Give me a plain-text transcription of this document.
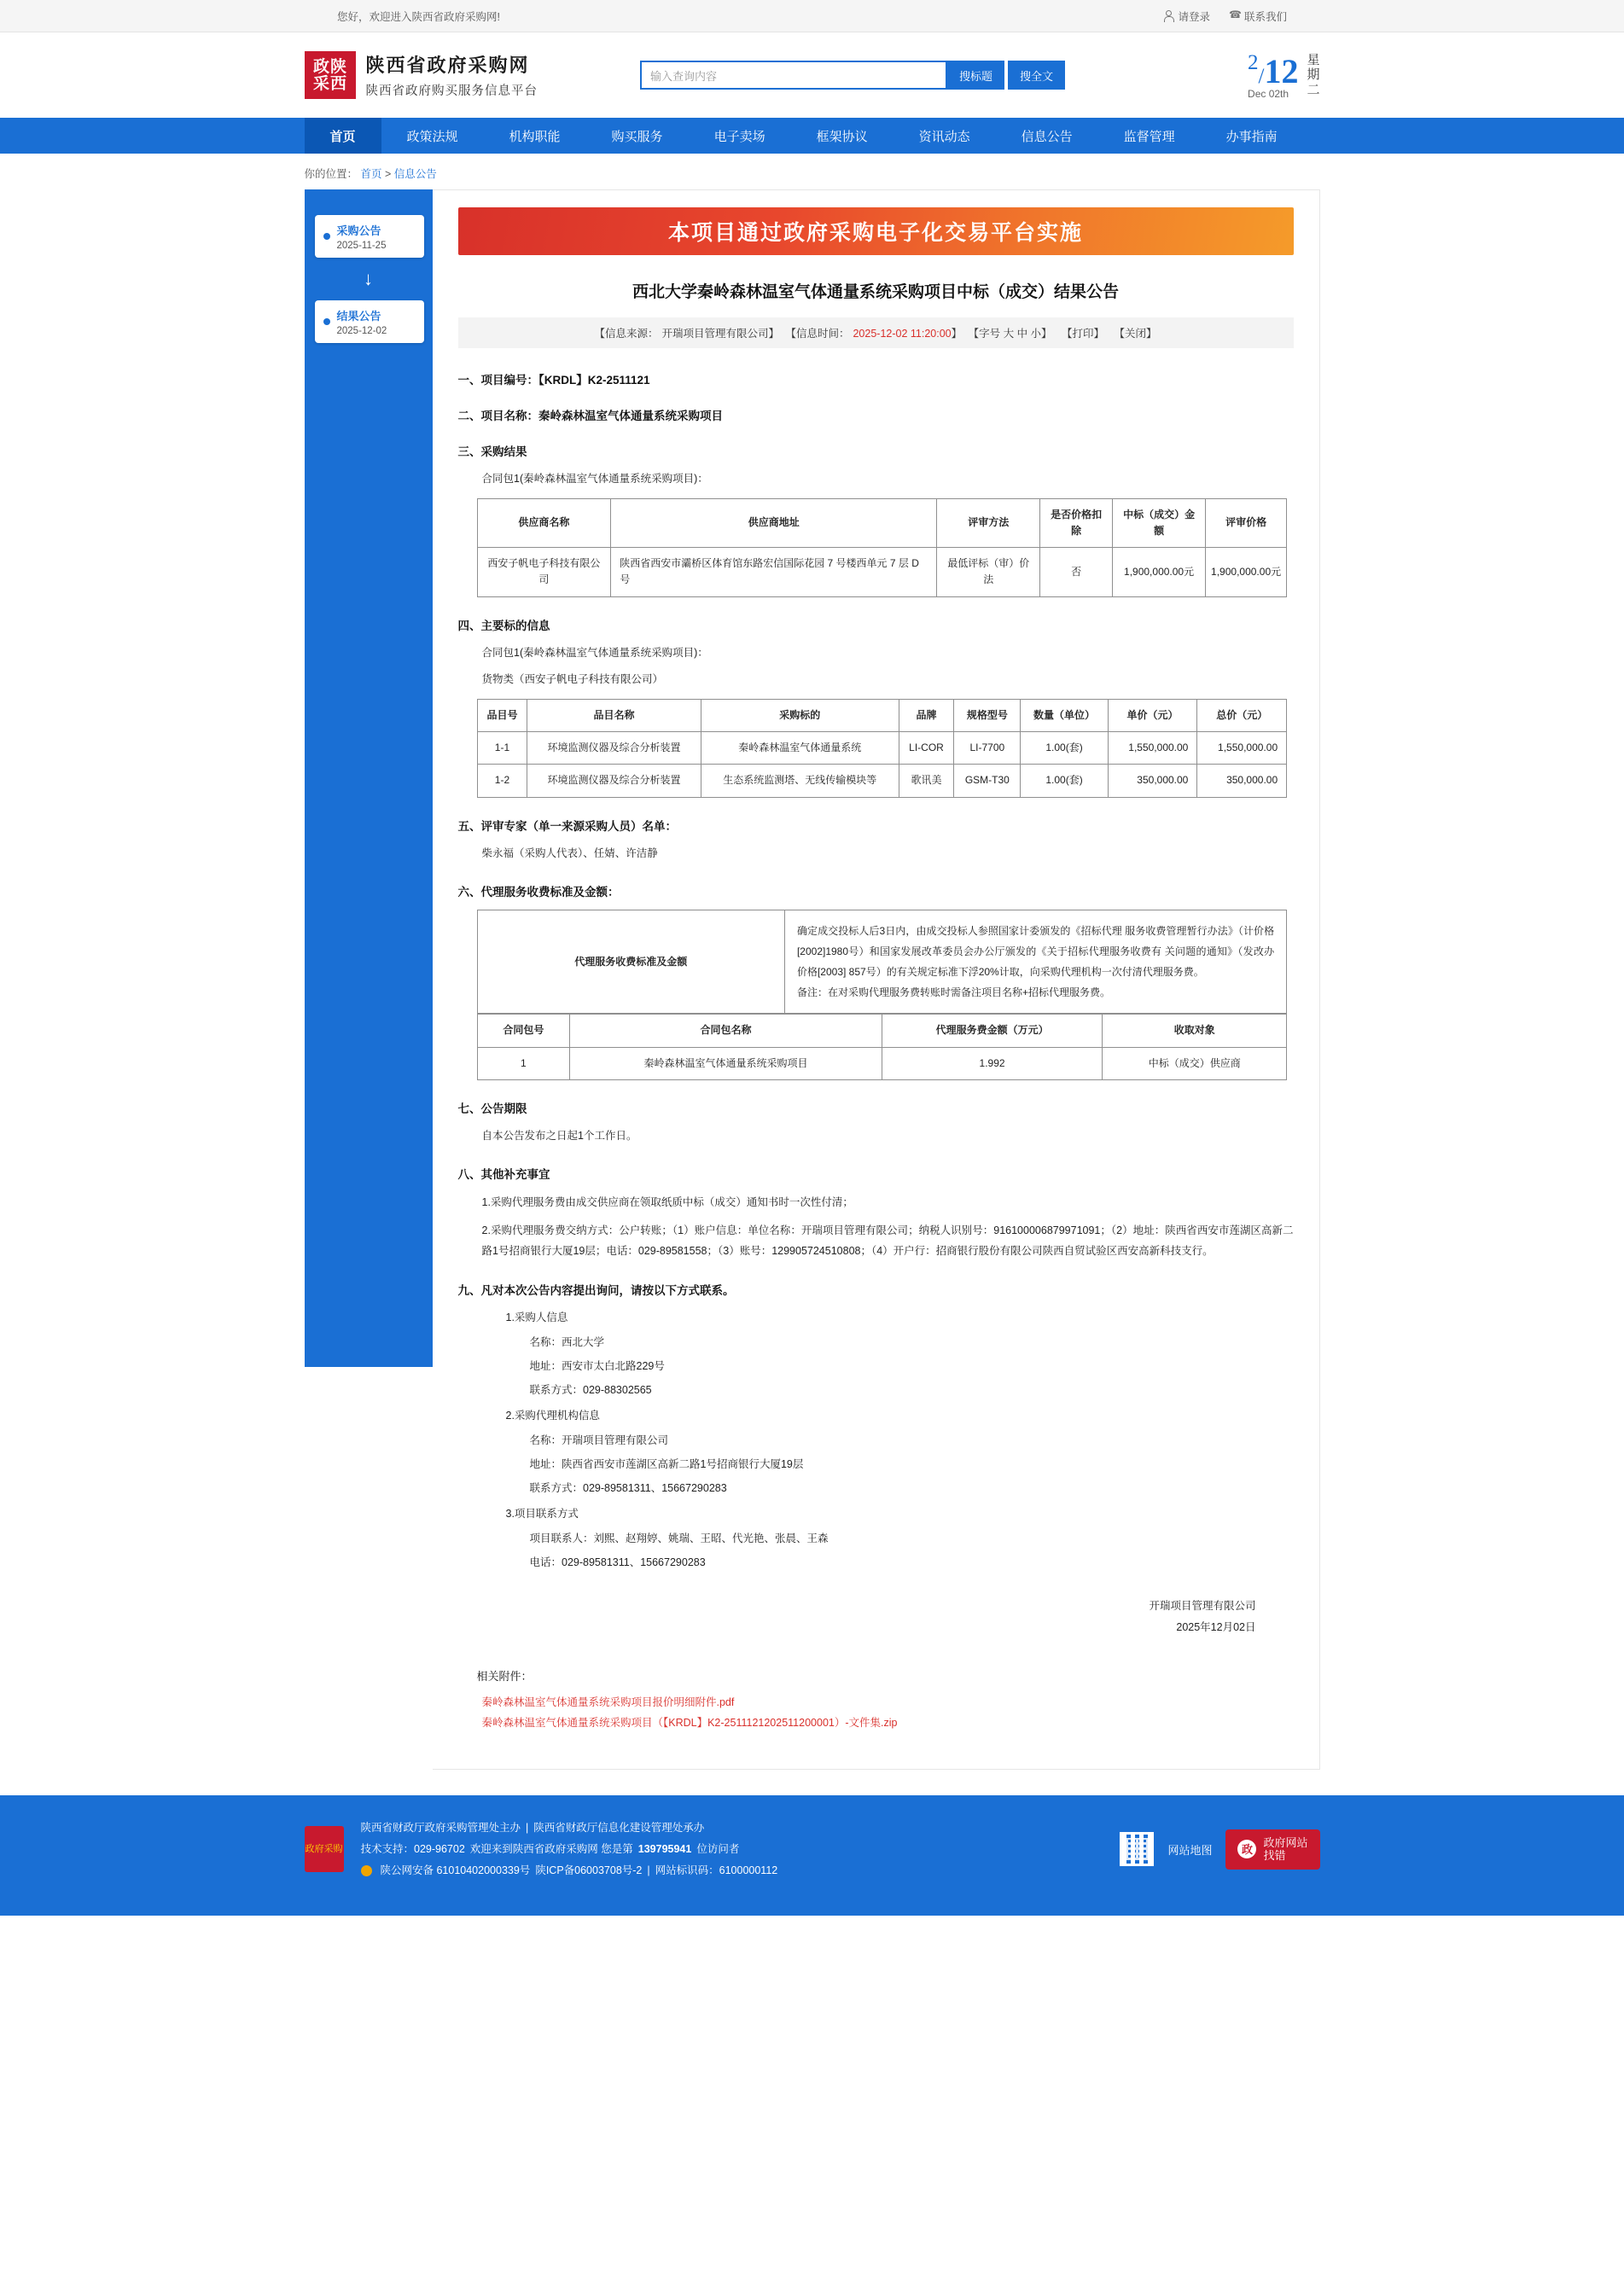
您好，欢迎进入陕西省政府采购网!	请登录 ☎	联系我们
政 陕
采 西
陕西省政府采购网
陕西省政府购买服务信息平台
输入查询内容	搜标题	搜全文
2/12
Dec 02th
星
期
二
首页	政策法规	机构职能	购买服务	电子卖场	框架协议	资讯动态	信息公告	监督管理	办事指南
你的位置： 首页 > 信息公告
采购公告
2025-11-25
↓
结果公告
2025-12-02
本项目通过政府采购电子化交易平台实施
西北大学秦岭森林温室气体通量系统采购项目中标（成交）结果公告
【信息来源： 开瑞项目管理有限公司】 【信息时间： 2025-12-02 11:20:00】 【字号 大 中 小】 【打印】 【关闭】
一、项目编号：【KRDL】K2-2511121
二、项目名称：秦岭森林温室气体通量系统采购项目
三、采购结果

合同包1(秦岭森林温室气体通量系统采购项目)：

供应商名称	供应商地址	评审方法	是否价格扣除	中标（成交）金额	评审价格
西安子帆电子科技有限公司	陕西省西安市灞桥区体育馆东路宏信国际花园 7 号楼西单元 7 层 D 号	最低评标（审）价法	否	1,900,000.00元	1,900,000.00元
四、主要标的信息

合同包1(秦岭森林温室气体通量系统采购项目)：

货物类（西安子帆电子科技有限公司）

品目号	品目名称	采购标的	品牌	规格型号	数量（单位）	单价（元）	总价（元）
1-1	环境监测仪器及综合分析装置	秦岭森林温室气体通量系统	LI-COR	LI-7700	1.00(套)	1,550,000.00	1,550,000.00
1-2	环境监测仪器及综合分析装置	生态系统监测塔、无线传输模块等	歌讯美	GSM-T30	1.00(套)	350,000.00	350,000.00
五、评审专家（单一来源采购人员）名单：

柴永福（采购人代表）、任婧、许洁静

六、代理服务收费标准及金额：
代理服务收费标准及金额	
确定成交投标人后3日内，由成交投标人参照国家计委颁发的《招标代理 服务收费管理暂行办法》（计价格[2002]1980号）和国家发展改革委员会办公厅颁发的《关于招标代理服务收费有 关问题的通知》（发改办价格[2003] 857号）的有关规定标准下浮20%计取，向采购代理机构一次付清代理服务费。
备注：在对采购代理服务费转账时需备注项目名称+招标代理服务费。
合同包号	合同包名称	代理服务费金额（万元）	收取对象
1	秦岭森林温室气体通量系统采购项目	1.992	中标（成交）供应商
七、公告期限

自本公告发布之日起1个工作日。

八、其他补充事宜

1.采购代理服务费由成交供应商在领取纸质中标（成交）通知书时一次性付清；

2.采购代理服务费交纳方式：公户转账；（1）账户信息：单位名称：开瑞项目管理有限公司；纳税人识别号：916100006879971091；（2）地址：陕西省西安市莲湖区高新二路1号招商银行大厦19层；电话：029-89581558；（3）账号：129905724510808；（4）开户行：招商银行股份有限公司陕西自贸试验区西安高新科技支行。

九、凡对本次公告内容提出询问，请按以下方式联系。

1.采购人信息

名称：西北大学

地址：西安市太白北路229号

联系方式：029-88302565

2.采购代理机构信息

名称：开瑞项目管理有限公司

地址：陕西省西安市莲湖区高新二路1号招商银行大厦19层

联系方式：029-89581311、15667290283

3.项目联系方式

项目联系人：刘熙、赵翔婷、姚瑞、王昭、代光艳、张晨、王森

电话：029-89581311、15667290283

开瑞项目管理有限公司
2025年12月02日
相关附件：
秦岭森林温室气体通量系统采购项目报价明细附件.pdf
秦岭森林温室气体通量系统采购项目（【KRDL】K2-2511121202511200001）-文件集.zip
政府采购
陕西省财政厅政府采购管理处主办 | 陕西省财政厅信息化建设管理处承办
技术支持：029-96702 欢迎来到陕西省政府采购网 您是第 139795941 位访问者
陕公网安备 61010402000339号 陕ICP备06003708号-2 | 网站标识码：6100000112
网站地图	政
政府网站
找错
